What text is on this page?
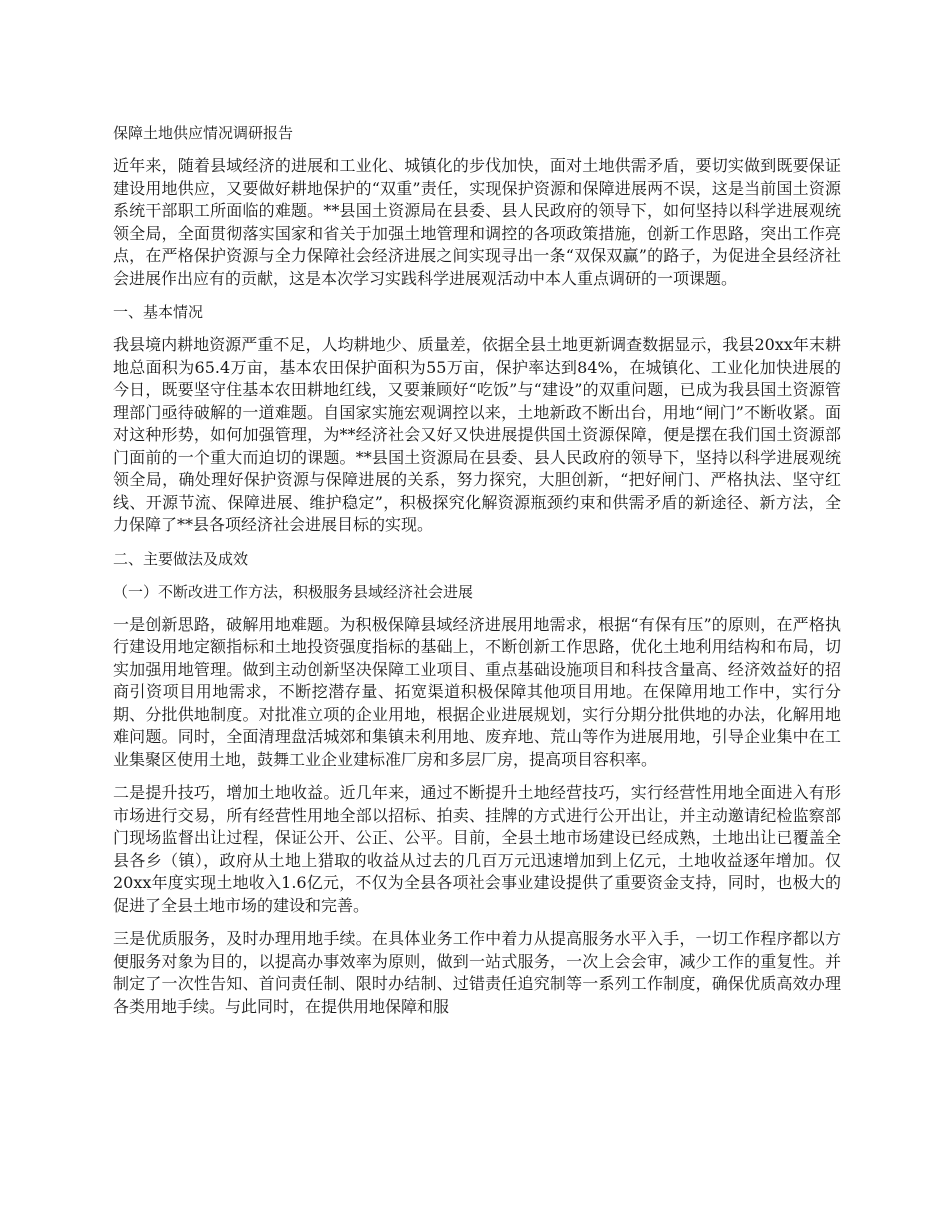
保障土地供应情况调研报告

近年来，随着县域经济的进展和工业化、城镇化的步伐加快，面对土地供需矛盾，要切实做到既要保证建设用地供应，又要做好耕地保护的“双重”责任，实现保护资源和保障进展两不误，这是当前国土资源系统干部职工所面临的难题。**县国土资源局在县委、县人民政府的领导下，如何坚持以科学进展观统领全局，全面贯彻落实国家和省关于加强土地管理和调控的各项政策措施，创新工作思路，突出工作亮点，在严格保护资源与全力保障社会经济进展之间实现寻出一条“双保双赢”的路子，为促进全县经济社会进展作出应有的贡献，这是本次学习实践科学进展观活动中本人重点调研的一项课题。

一、基本情况

我县境内耕地资源严重不足，人均耕地少、质量差，依据全县土地更新调查数据显示，我县20xx年末耕地总面积为65.4万亩，基本农田保护面积为55万亩，保护率达到84%，在城镇化、工业化加快进展的今日，既要坚守住基本农田耕地红线，又要兼顾好“吃饭”与“建设”的双重问题，已成为我县国土资源管理部门亟待破解的一道难题。自国家实施宏观调控以来，土地新政不断出台，用地“闸门”不断收紧。面对这种形势，如何加强管理，为**经济社会又好又快进展提供国土资源保障，便是摆在我们国土资源部门面前的一个重大而迫切的课题。**县国土资源局在县委、县人民政府的领导下，坚持以科学进展观统领全局，确处理好保护资源与保障进展的关系，努力探究，大胆创新，“把好闸门、严格执法、坚守红线、开源节流、保障进展、维护稳定”，积极探究化解资源瓶颈约束和供需矛盾的新途径、新方法，全力保障了**县各项经济社会进展目标的实现。

二、主要做法及成效

（一）不断改进工作方法，积极服务县域经济社会进展

一是创新思路，破解用地难题。为积极保障县域经济进展用地需求，根据“有保有压”的原则，在严格执行建设用地定额指标和土地投资强度指标的基础上，不断创新工作思路，优化土地利用结构和布局，切实加强用地管理。做到主动创新坚决保障工业项目、重点基础设施项目和科技含量高、经济效益好的招商引资项目用地需求，不断挖潜存量、拓宽渠道积极保障其他项目用地。在保障用地工作中，实行分期、分批供地制度。对批准立项的企业用地，根据企业进展规划，实行分期分批供地的办法，化解用地难问题。同时，全面清理盘活城郊和集镇未利用地、废弃地、荒山等作为进展用地，引导企业集中在工业集聚区使用土地，鼓舞工业企业建标准厂房和多层厂房，提高项目容积率。

二是提升技巧，增加土地收益。近几年来，通过不断提升土地经营技巧，实行经营性用地全面进入有形市场进行交易，所有经营性用地全部以招标、拍卖、挂牌的方式进行公开出让，并主动邀请纪检监察部门现场监督出让过程，保证公开、公正、公平。目前，全县土地市场建设已经成熟，土地出让已覆盖全县各乡（镇），政府从土地上猎取的收益从过去的几百万元迅速增加到上亿元，土地收益逐年增加。仅20xx年度实现土地收入1.6亿元，不仅为全县各项社会事业建设提供了重要资金支持，同时，也极大的促进了全县土地市场的建设和完善。

三是优质服务，及时办理用地手续。在具体业务工作中着力从提高服务水平入手，一切工作程序都以方便服务对象为目的，以提高办事效率为原则，做到一站式服务，一次上会会审，减少工作的重复性。并制定了一次性告知、首问责任制、限时办结制、过错责任追究制等一系列工作制度，确保优质高效办理各类用地手续。与此同时，在提供用地保障和服
